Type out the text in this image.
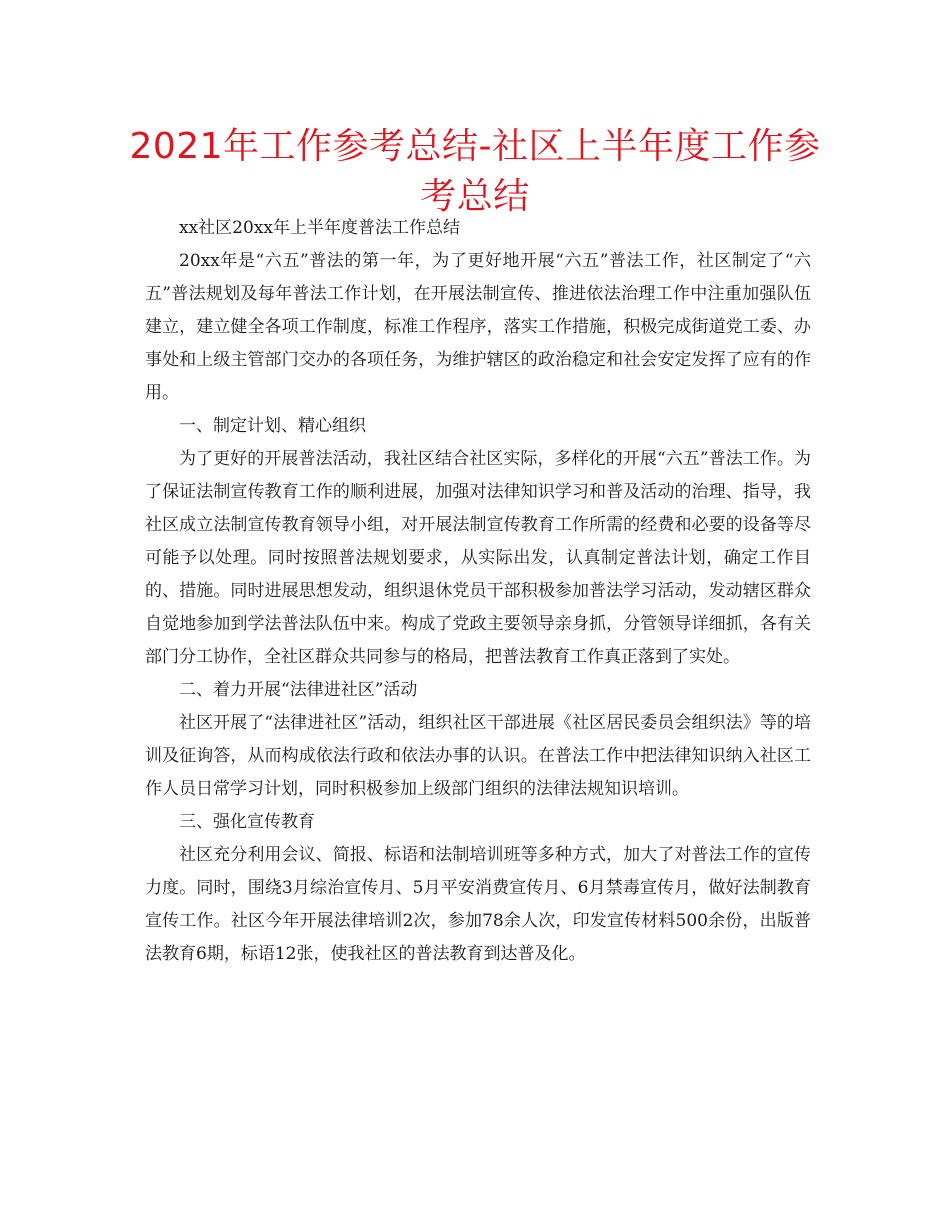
2021年工作参考总结-社区上半年度工作参考总结

xx社区20xx年上半年度普法工作总结

20xx年是“六五”普法的第一年，为了更好地开展“六五”普法工作，社区制定了“六五”普法规划及每年普法工作计划，在开展法制宣传、推进依法治理工作中注重加强队伍建立，建立健全各项工作制度，标准工作程序，落实工作措施，积极完成街道党工委、办事处和上级主管部门交办的各项任务，为维护辖区的政治稳定和社会安定发挥了应有的作用。

一、制定计划、精心组织

为了更好的开展普法活动，我社区结合社区实际，多样化的开展“六五”普法工作。为了保证法制宣传教育工作的顺利进展，加强对法律知识学习和普及活动的治理、指导，我社区成立法制宣传教育领导小组，对开展法制宣传教育工作所需的经费和必要的设备等尽可能予以处理。同时按照普法规划要求，从实际出发，认真制定普法计划，确定工作目的、措施。同时进展思想发动，组织退休党员干部积极参加普法学习活动，发动辖区群众自觉地参加到学法普法队伍中来。构成了党政主要领导亲身抓，分管领导详细抓，各有关部门分工协作，全社区群众共同参与的格局，把普法教育工作真正落到了实处。

二、着力开展“法律进社区”活动

社区开展了“法律进社区”活动，组织社区干部进展《社区居民委员会组织法》等的培训及征询答，从而构成依法行政和依法办事的认识。在普法工作中把法律知识纳入社区工作人员日常学习计划，同时积极参加上级部门组织的法律法规知识培训。

三、强化宣传教育

社区充分利用会议、简报、标语和法制培训班等多种方式，加大了对普法工作的宣传力度。同时，围绕3月综治宣传月、5月平安消费宣传月、6月禁毒宣传月，做好法制教育宣传工作。社区今年开展法律培训2次，参加78余人次，印发宣传材料500余份，出版普法教育6期，标语12张，使我社区的普法教育到达普及化。
